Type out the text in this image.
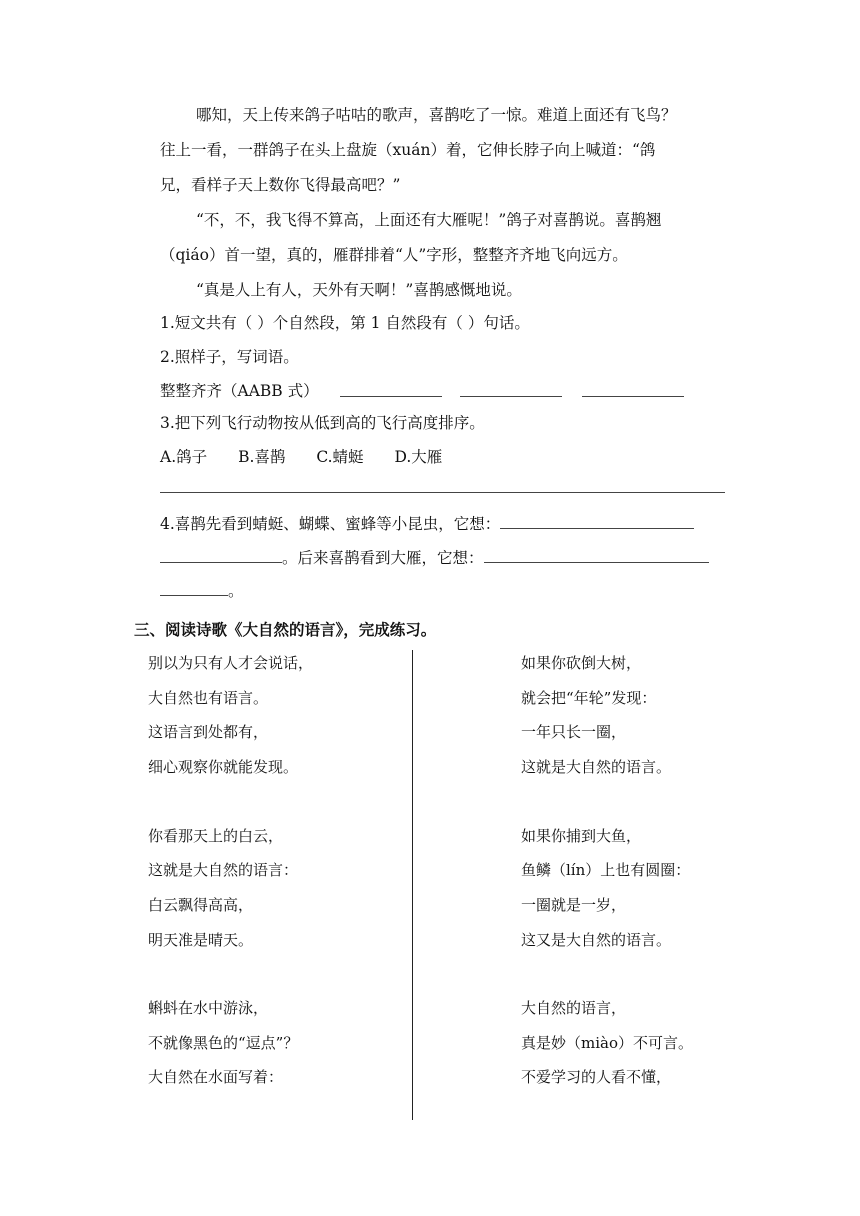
哪知，天上传来鸽子咕咕的歌声，喜鹊吃了一惊。难道上面还有飞鸟？
往上一看，一群鸽子在头上盘旋（xuán）着，它伸长脖子向上喊道：“鸽
兄，看样子天上数你飞得最高吧？”
“不，不，我飞得不算高，上面还有大雁呢！”鸽子对喜鹊说。喜鹊翘
（qiáo）首一望，真的，雁群排着“人”字形，整整齐齐地飞向远方。
“真是人上有人，天外有天啊！”喜鹊感慨地说。
1.短文共有（ ）个自然段，第 1 自然段有（ ）句话。
2.照样子，写词语。
整整齐齐（AABB 式）
3.把下列飞行动物按从低到高的飞行高度排序。
A.鸽子 B.喜鹊 C.蜻蜓 D.大雁
4.喜鹊先看到蜻蜓、蝴蝶、蜜蜂等小昆虫，它想：
。后来喜鹊看到大雁，它想：
。
三、阅读诗歌《大自然的语言》，完成练习。
别以为只有人才会说话，
大自然也有语言。
这语言到处都有，
细心观察你就能发现。
你看那天上的白云，
这就是大自然的语言：
白云飘得高高，
明天准是晴天。
蝌蚪在水中游泳，
不就像黑色的“逗点”？
大自然在水面写着：
如果你砍倒大树，
就会把“年轮”发现：
一年只长一圈，
这就是大自然的语言。
如果你捕到大鱼，
鱼鳞（lín）上也有圆圈：
一圈就是一岁，
这又是大自然的语言。
大自然的语言，
真是妙（miào）不可言。
不爱学习的人看不懂，
